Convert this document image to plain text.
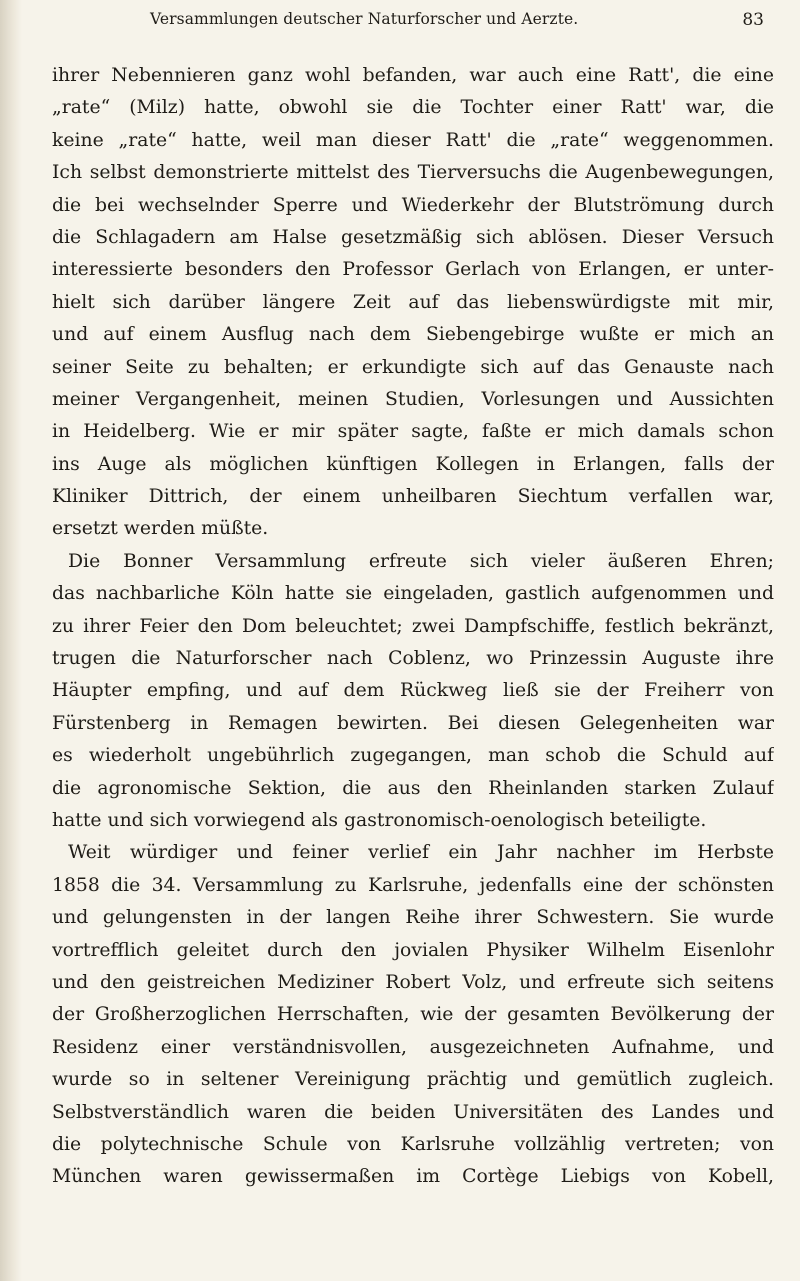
Versammlungen deutscher Naturforscher und Aerzte.	83
ihrer Nebennieren ganz wohl befanden, war auch eine Ratt', die eine
„rate“ (Milz) hatte, obwohl sie die Tochter einer Ratt' war, die
keine „rate“ hatte, weil man dieser Ratt' die „rate“ weggenommen.
Ich selbst demonstrierte mittelst des Tierversuchs die Augenbewegungen,
die bei wechselnder Sperre und Wiederkehr der Blutströmung durch
die Schlagadern am Halse gesetzmäßig sich ablösen. Dieser Versuch
interessierte besonders den Professor Gerlach von Erlangen, er unter-
hielt sich darüber längere Zeit auf das liebenswürdigste mit mir,
und auf einem Ausflug nach dem Siebengebirge wußte er mich an
seiner Seite zu behalten; er erkundigte sich auf das Genauste nach
meiner Vergangenheit, meinen Studien, Vorlesungen und Aussichten
in Heidelberg. Wie er mir später sagte, faßte er mich damals schon
ins Auge als möglichen künftigen Kollegen in Erlangen, falls der
Kliniker Dittrich, der einem unheilbaren Siechtum verfallen war,
ersetzt werden müßte.
Die Bonner Versammlung erfreute sich vieler äußeren Ehren;
das nachbarliche Köln hatte sie eingeladen, gastlich aufgenommen und
zu ihrer Feier den Dom beleuchtet; zwei Dampfschiffe, festlich bekränzt,
trugen die Naturforscher nach Coblenz, wo Prinzessin Auguste ihre
Häupter empfing, und auf dem Rückweg ließ sie der Freiherr von
Fürstenberg in Remagen bewirten. Bei diesen Gelegenheiten war
es wiederholt ungebührlich zugegangen, man schob die Schuld auf
die agronomische Sektion, die aus den Rheinlanden starken Zulauf
hatte und sich vorwiegend als gastronomisch-oenologisch beteiligte.
Weit würdiger und feiner verlief ein Jahr nachher im Herbste
1858 die 34. Versammlung zu Karlsruhe, jedenfalls eine der schönsten
und gelungensten in der langen Reihe ihrer Schwestern. Sie wurde
vortrefflich geleitet durch den jovialen Physiker Wilhelm Eisenlohr
und den geistreichen Mediziner Robert Volz, und erfreute sich seitens
der Großherzoglichen Herrschaften, wie der gesamten Bevölkerung der
Residenz einer verständnisvollen, ausgezeichneten Aufnahme, und
wurde so in seltener Vereinigung prächtig und gemütlich zugleich.
Selbstverständlich waren die beiden Universitäten des Landes und
die polytechnische Schule von Karlsruhe vollzählig vertreten; von
München waren gewissermaßen im Cortège Liebigs von Kobell,
